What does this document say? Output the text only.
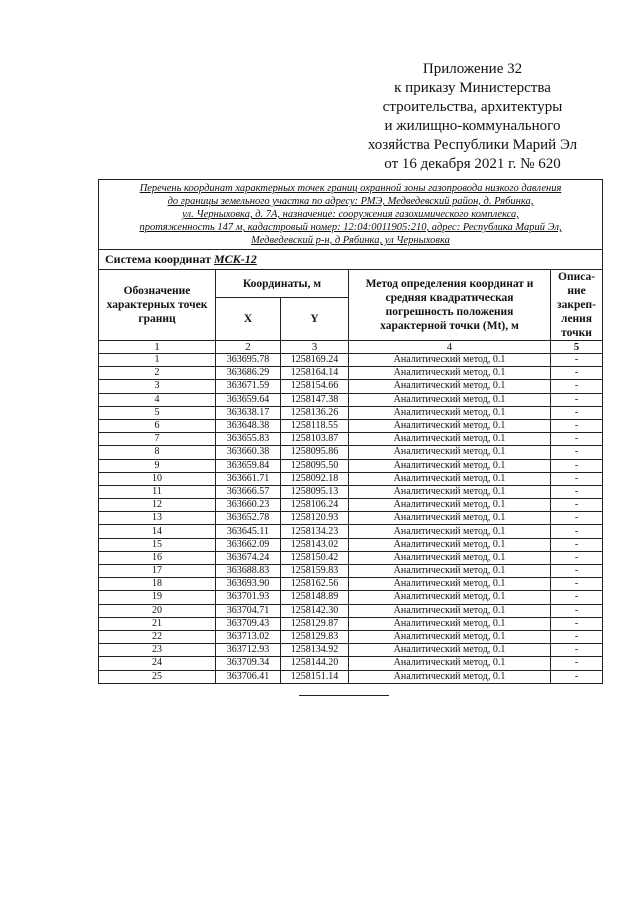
Приложение 32
к приказу Министерства
строительства, архитектуры
и жилищно-коммунального
хозяйства Республики Марий Эл
от 16 декабря 2021 г. № 620
Перечень координат характерных точек границ охранной зоны газопровода низкого давления
до границы земельного участка по адресу: РМЭ, Медведевский район, д. Рябинка,
ул. Черныховка, д. 7А, назначение: сооружения газохимического комплекса,
протяженность 147 м, кадастровый номер: 12:04:0011905:210, адрес: Республика Марий Эл,
Медведевский р-н, д Рябинка, ул Черныховка				

Система координат МСК-12				
Обозначение характерных точек границ	Координаты, м		Метод определения координат и средняя квадратическая погрешность положения характерной точки (Mt), м	Описа-ние закреп-ления точки
	X	Y		
1	2	3	4	5
1	363695.78	1258169.24	Аналитический метод, 0.1	-
2	363686.29	1258164.14	Аналитический метод, 0.1	-
3	363671.59	1258154.66	Аналитический метод, 0.1	-
4	363659.64	1258147.38	Аналитический метод, 0.1	-
5	363638.17	1258136.26	Аналитический метод, 0.1	-
6	363648.38	1258118.55	Аналитический метод, 0.1	-
7	363655.83	1258103.87	Аналитический метод, 0.1	-
8	363660.38	1258095.86	Аналитический метод, 0.1	-
9	363659.84	1258095.50	Аналитический метод, 0.1	-
10	363661.71	1258092.18	Аналитический метод, 0.1	-
11	363666.57	1258095.13	Аналитический метод, 0.1	-
12	363660.23	1258106.24	Аналитический метод, 0.1	-
13	363652.78	1258120.93	Аналитический метод, 0.1	-
14	363645.11	1258134.23	Аналитический метод, 0.1	-
15	363662.09	1258143.02	Аналитический метод, 0.1	-
16	363674.24	1258150.42	Аналитический метод, 0.1	-
17	363688.83	1258159.83	Аналитический метод, 0.1	-
18	363693.90	1258162.56	Аналитический метод, 0.1	-
19	363701.93	1258148.89	Аналитический метод, 0.1	-
20	363704.71	1258142.30	Аналитический метод, 0.1	-
21	363709.43	1258129.87	Аналитический метод, 0.1	-
22	363713.02	1258129.83	Аналитический метод, 0.1	-
23	363712.93	1258134.92	Аналитический метод, 0.1	-
24	363709.34	1258144.20	Аналитический метод, 0.1	-
25	363706.41	1258151.14	Аналитический метод, 0.1	-
